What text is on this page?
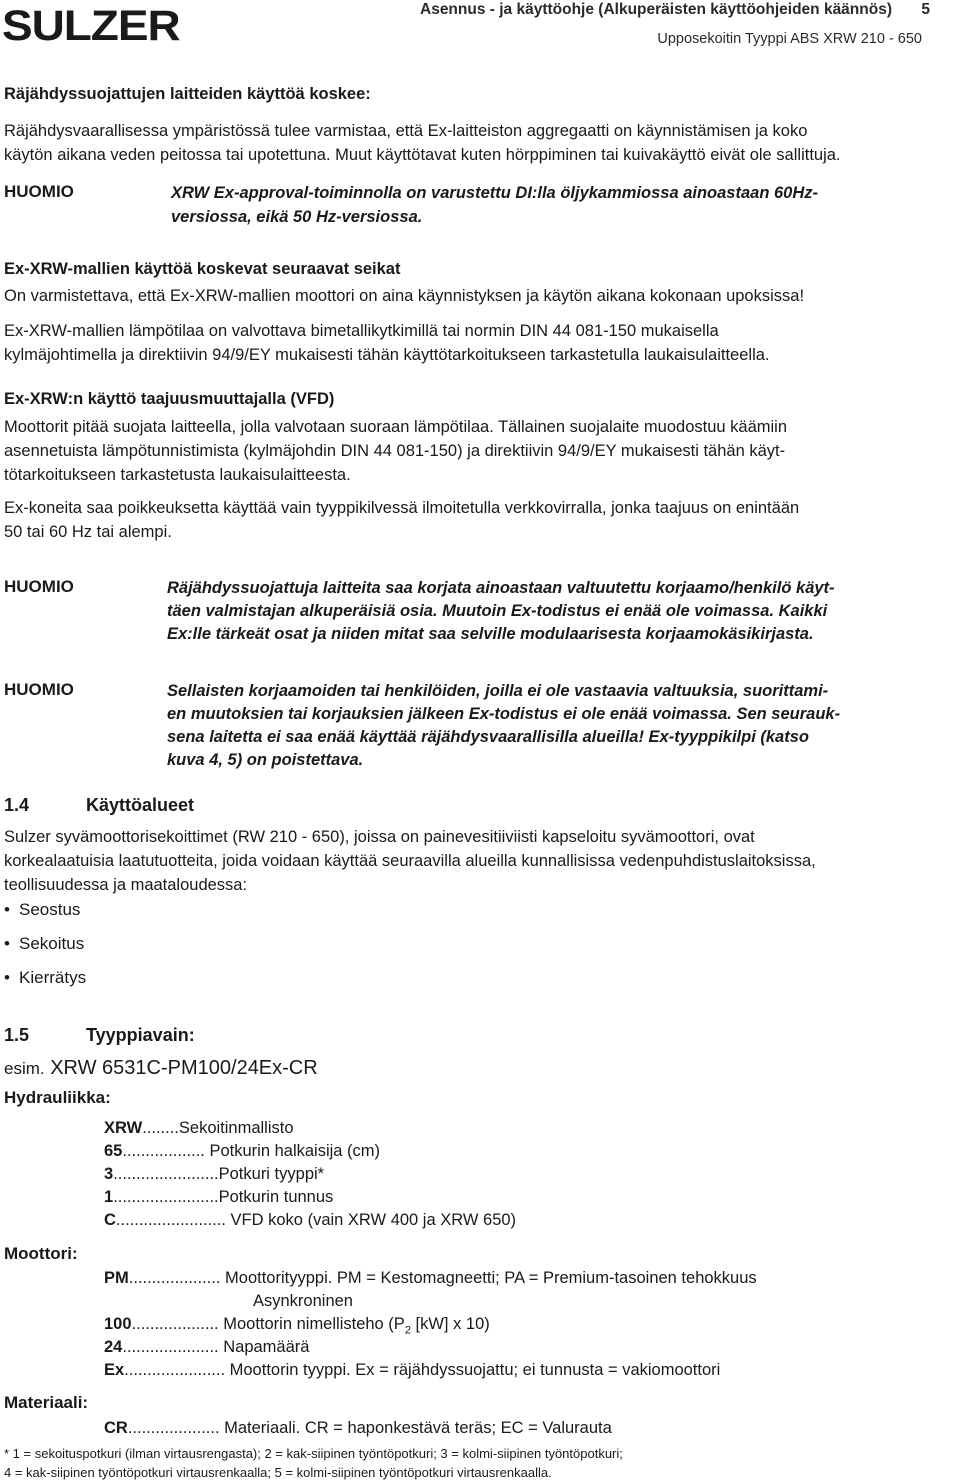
SULZER	Asennus - ja käyttöohje (Alkuperäisten käyttöohjeiden käännös) 5
Upposekoitin Tyyppi ABS XRW 210 - 650
Räjähdyssuojattujen laitteiden käyttöä koskee:
Räjähdysvaarallisessa ympäristössä tulee varmistaa, että Ex-laitteiston aggregaatti on käynnistämisen ja koko
käytön aikana veden peitossa tai upotettuna. Muut käyttötavat kuten hörppiminen tai kuivakäyttö eivät ole sallittuja.
HUOMIO	XRW Ex-approval-toiminnolla on varustettu DI:lla öljykammiossa ainoastaan 60Hz-
versiossa, eikä 50 Hz-versiossa.
Ex-XRW-mallien käyttöä koskevat seuraavat seikat
On varmistettava, että Ex-XRW-mallien moottori on aina käynnistyksen ja käytön aikana kokonaan upoksissa!
Ex-XRW-mallien lämpötilaa on valvottava bimetallikytkimillä tai normin DIN 44 081-150 mukaisella
kylmäjohtimella ja direktiivin 94/9/EY mukaisesti tähän käyttötarkoitukseen tarkastetulla laukaisulaitteella.
Ex-XRW:n käyttö taajuusmuuttajalla (VFD)
Moottorit pitää suojata laitteella, jolla valvotaan suoraan lämpötilaa. Tällainen suojalaite muodostuu käämiin
asennetuista lämpötunnistimista (kylmäjohdin DIN 44 081-150) ja direktiivin 94/9/EY mukaisesti tähän käyt-
tötarkoitukseen tarkastetusta laukaisulaitteesta.
Ex-koneita saa poikkeuksetta käyttää vain tyyppikilvessä ilmoitetulla verkkovirralla, jonka taajuus on enintään
50 tai 60 Hz tai alempi.
HUOMIO	Räjähdyssuojattuja laitteita saa korjata ainoastaan valtuutettu korjaamo/henkilö käyt-
täen valmistajan alkuperäisiä osia. Muutoin Ex-todistus ei enää ole voimassa. Kaikki
Ex:lle tärkeät osat ja niiden mitat saa selville modulaarisesta korjaamokäsikirjasta.
HUOMIO	Sellaisten korjaamoiden tai henkilöiden, joilla ei ole vastaavia valtuuksia, suorittami-
en muutoksien tai korjauksien jälkeen Ex-todistus ei ole enää voimassa. Sen seurauk-
sena laitetta ei saa enää käyttää räjähdysvaarallisilla alueilla! Ex-tyyppikilpi (katso
kuva 4, 5) on poistettava.
1.4	Käyttöalueet
Sulzer syvämoottorisekoittimet (RW 210 - 650), joissa on painevesitiiviisti kapseloitu syvämoottori, ovat
korkealaatuisia laatutuotteita, joida voidaan käyttää seuraavilla alueilla kunnallisissa vedenpuhdistuslaitoksissa,
teollisuudessa ja maataloudessa:
• Seostus
• Sekoitus
• Kierrätys
1.5	Tyyppiavain:
esim. XRW 6531C-PM100/24Ex-CR
Hydrauliikka:
XRW........Sekoitinmallisto
65.................. Potkurin halkaisija (cm)
3.......................Potkuri tyyppi*
1.......................Potkurin tunnus
C........................ VFD koko (vain XRW 400 ja XRW 650)
Moottori:
PM.................... Moottorityyppi. PM = Kestomagneetti; PA = Premium-tasoinen tehokkuus
Asynkroninen
100................... Moottorin nimellisteho ($P_2$ [kW] x 10)
24..................... Napamäärä
Ex...................... Moottorin tyyppi. Ex = räjähdyssuojattu; ei tunnusta = vakiomoottori
Materiaali:
CR.................... Materiaali. CR = haponkestävä teräs; EC = Valurauta
* 1 = sekoituspotkuri (ilman virtausrengasta); 2 = kak-siipinen työntöpotkuri; 3 = kolmi-siipinen työntöpotkuri;
4 = kak-siipinen työntöpotkuri virtausrenkaalla; 5 = kolmi-siipinen työntöpotkuri virtausrenkaalla.
